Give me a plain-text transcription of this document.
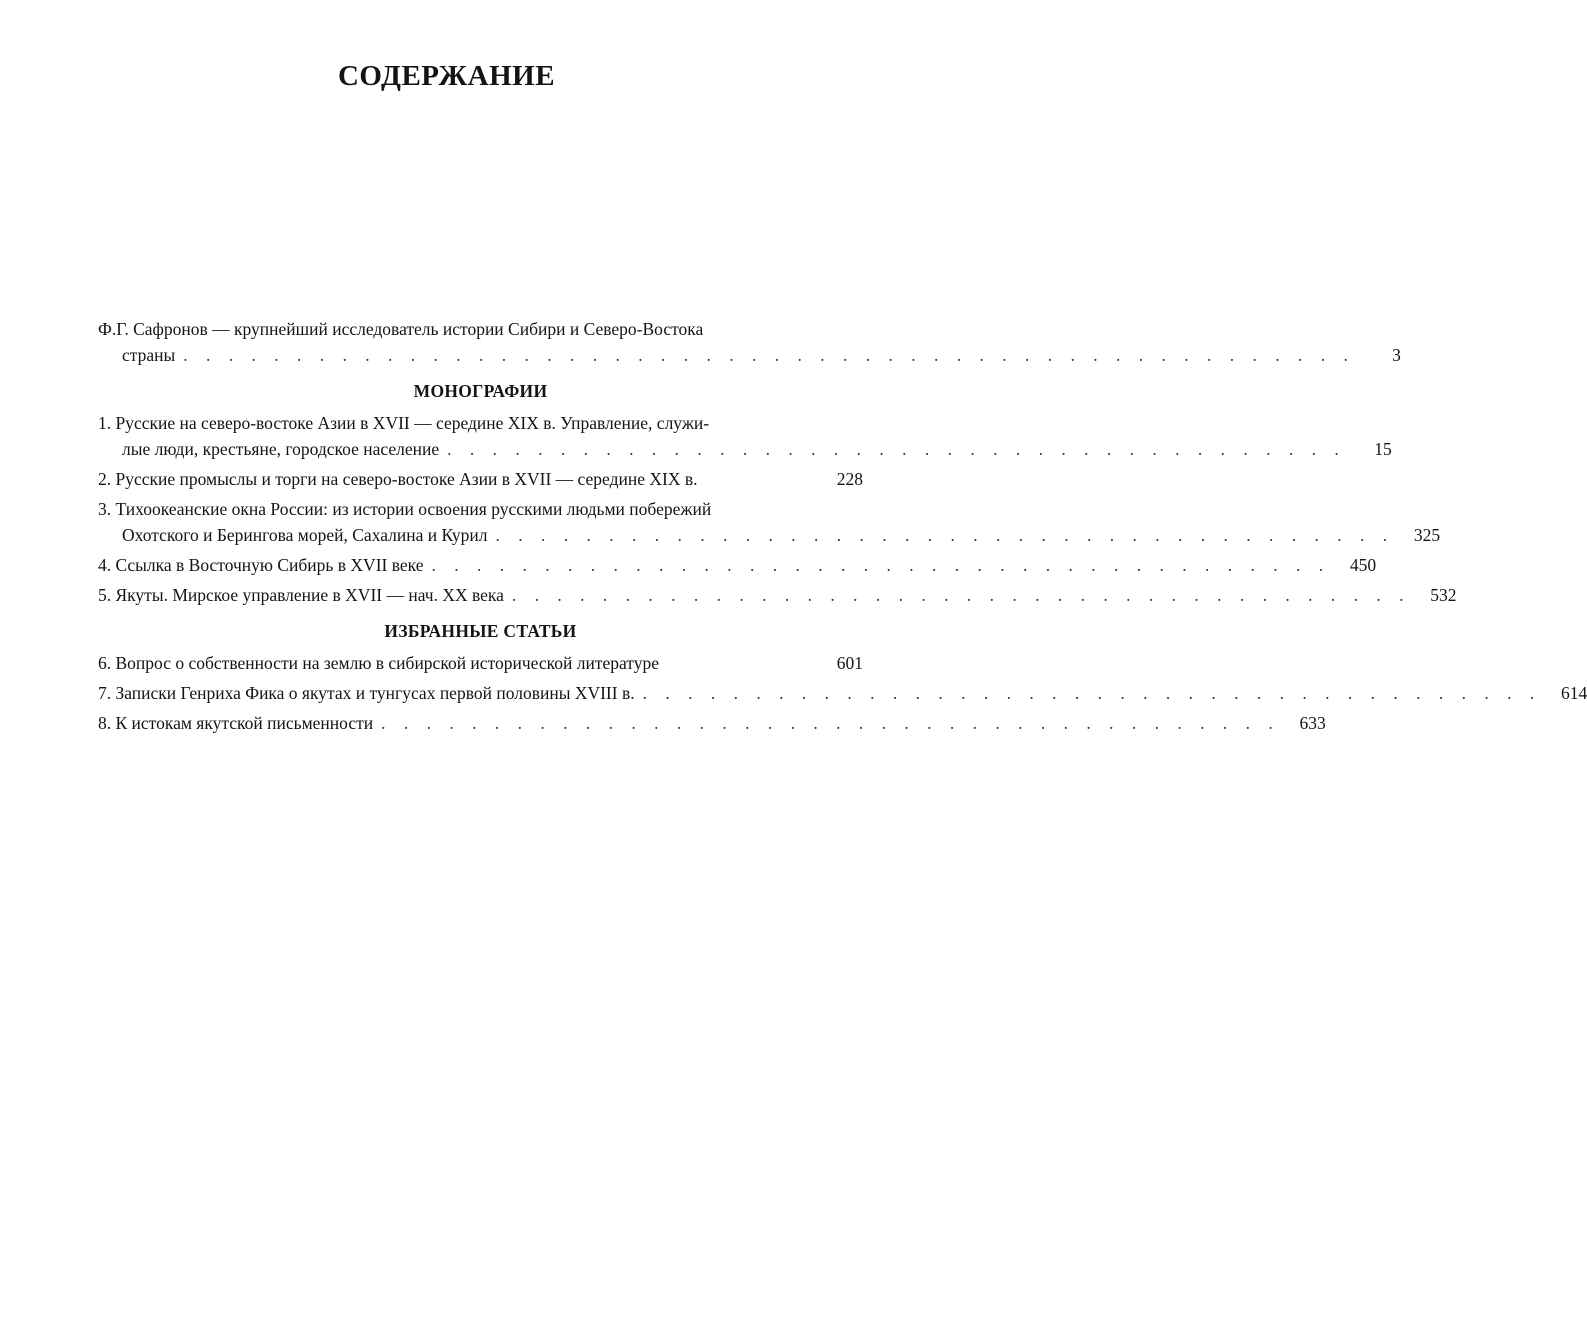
СОДЕРЖАНИЕ
Ф.Г. Сафронов — крупнейший исследователь истории Сибири и Северо-Востока
страны . . . . . . . . . . . . . . . . . . . . . . . . . . . . . . . . . . . . . . . . . . . . . . . . . . . .	3
МОНОГРАФИИ
1. Русские на северо-востоке Азии в XVII — середине XIX в. Управление, служи-
лые люди, крестьяне, городское население . . . . . . . . . . . . . . . . . . . . . . . . . . . . . . . . . . . . . . . .	15
2. Русские промыслы и торги на северо-востоке Азии в XVII — середине XIX в.	228
3. Тихоокеанские окна России: из истории освоения русскими людьми побережий
Охотского и Берингова морей, Сахалина и Курил . . . . . . . . . . . . . . . . . . . . . . . . . . . . . . . . . . . . . . . .	325
4. Ссылка в Восточную Сибирь в XVII веке . . . . . . . . . . . . . . . . . . . . . . . . . . . . . . . . . . . . . . . .	450
5. Якуты. Мирское управление в XVII — нач. XX века . . . . . . . . . . . . . . . . . . . . . . . . . . . . . . . . . . . . . . . .	532
ИЗБРАННЫЕ СТАТЬИ
6. Вопрос о собственности на землю в сибирской исторической литературе	601
7. Записки Генриха Фика о якутах и тунгусах первой половины XVIII в. . . . . . . . . . . . . . . . . . . . . . . . . . . . . . . . . . . . . . . . .	614
8. К истокам якутской письменности . . . . . . . . . . . . . . . . . . . . . . . . . . . . . . . . . . . . . . . .	633
